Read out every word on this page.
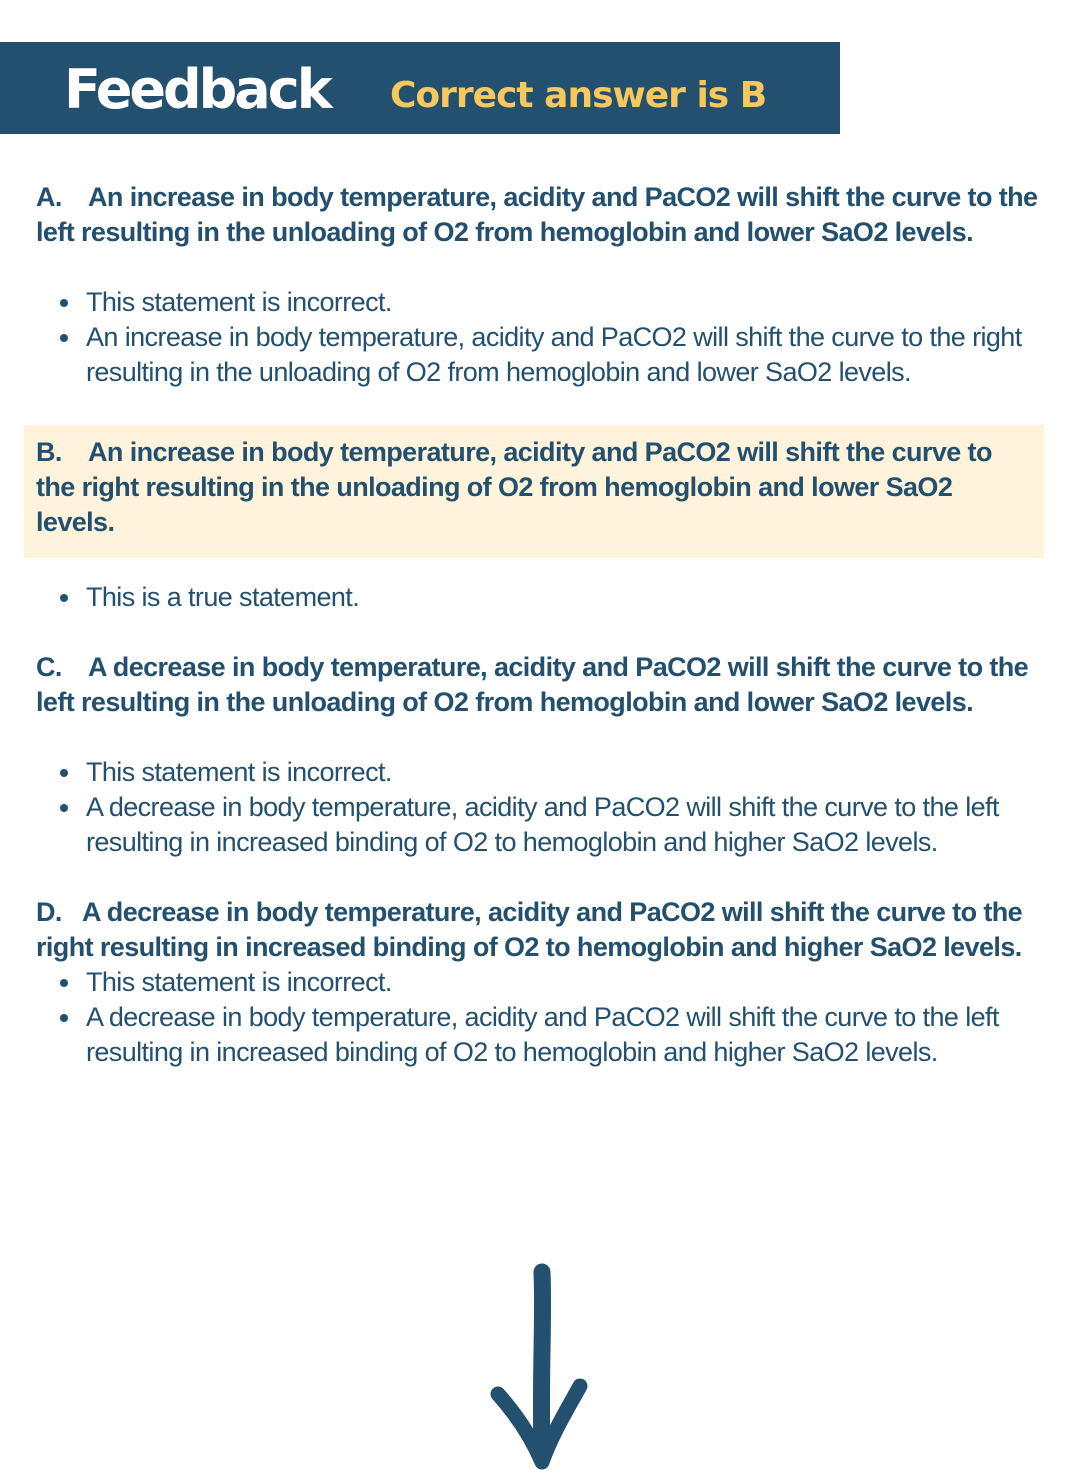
Feedback Correct answer is B

A. An increase in body temperature, acidity and PaCO2 will shift the curve to the left resulting in the unloading of O2 from hemoglobin and lower SaO2 levels.

This statement is incorrect.
An increase in body temperature, acidity and PaCO2 will shift the curve to the right resulting in the unloading of O2 from hemoglobin and lower SaO2 levels.

B. An increase in body temperature, acidity and PaCO2 will shift the curve to the right resulting in the unloading of O2 from hemoglobin and lower SaO2 levels.

This is a true statement.

C. A decrease in body temperature, acidity and PaCO2 will shift the curve to the left resulting in the unloading of O2 from hemoglobin and lower SaO2 levels.

This statement is incorrect.
A decrease in body temperature, acidity and PaCO2 will shift the curve to the left resulting in increased binding of O2 to hemoglobin and higher SaO2 levels.

D. A decrease in body temperature, acidity and PaCO2 will shift the curve to the right resulting in increased binding of O2 to hemoglobin and higher SaO2 levels.

This statement is incorrect.
A decrease in body temperature, acidity and PaCO2 will shift the curve to the left resulting in increased binding of O2 to hemoglobin and higher SaO2 levels.
